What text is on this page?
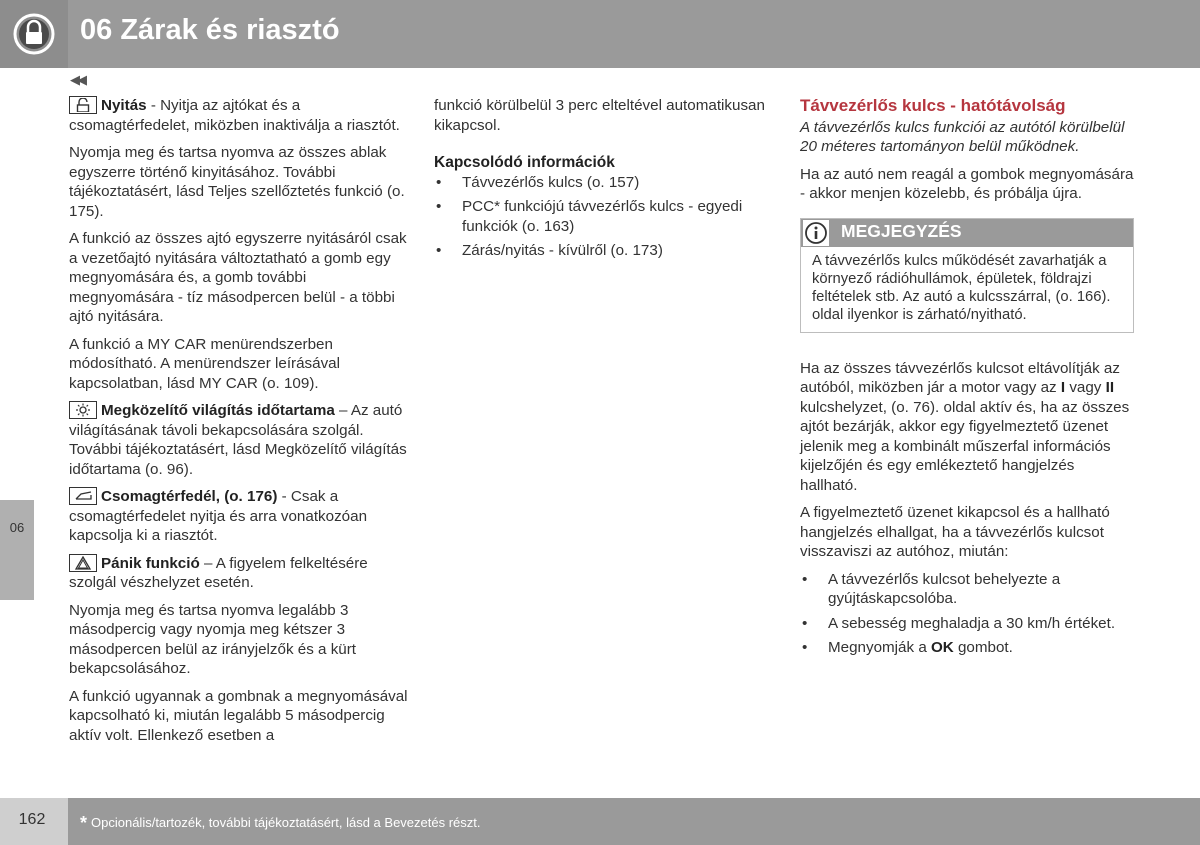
06 Zárak és riasztó
◀◀
06

Nyitás - Nyitja az ajtókat és a csomagtérfedelet, miközben inaktiválja a riasztót.

Nyomja meg és tartsa nyomva az összes ablak egyszerre történő kinyitásához. További tájékoztatásért, lásd Teljes szellőztetés funkció (o. 175).

A funkció az összes ajtó egyszerre nyitásáról csak a vezetőajtó nyitására változtatható a gomb egy megnyomására és, a gomb további megnyomására - tíz másodpercen belül - a többi ajtó nyitására.

A funkció a MY CAR menürendszerben módosítható. A menürendszer leírásával kapcsolatban, lásd MY CAR (o. 109).

Megközelítő világítás időtartama – Az autó világításának távoli bekapcsolására szolgál. További tájékoztatásért, lásd Megközelítő világítás időtartama (o. 96).

Csomagtérfedél, (o. 176) - Csak a csomagtérfedelet nyitja és arra vonatkozóan kapcsolja ki a riasztót.

Pánik funkció – A figyelem felkeltésére szolgál vészhelyzet esetén.

Nyomja meg és tartsa nyomva legalább 3 másodpercig vagy nyomja meg kétszer 3 másodpercen belül az irányjelzők és a kürt bekapcsolásához.

A funkció ugyannak a gombnak a megnyomásával kapcsolható ki, miután legalább 5 másodpercig aktív volt. Ellenkező esetben a

funkció körülbelül 3 perc elteltével automatikusan kikapcsol.

Kapcsolódó információk
• Távvezérlős kulcs (o. 157)
• PCC* funkciójú távvezérlős kulcs - egyedi funkciók (o. 163)
• Zárás/nyitás - kívülről (o. 173)
Távvezérlős kulcs - hatótávolság

A távvezérlős kulcs funkciói az autótól körülbelül 20 méteres tartományon belül működnek.

Ha az autó nem reagál a gombok megnyomására - akkor menjen közelebb, és próbálja újra.

MEGJEGYZÉS
A távvezérlős kulcs működését zavarhatják a környező rádióhullámok, épületek, földrajzi feltételek stb. Az autó a kulcsszárral, (o. 166). oldal ilyenkor is zárható/nyitható.

Ha az összes távvezérlős kulcsot eltávolítják az autóból, miközben jár a motor vagy az I vagy II kulcshelyzet, (o. 76). oldal aktív és, ha az összes ajtót bezárják, akkor egy figyelmeztető üzenet jelenik meg a kombinált műszerfal információs kijelzőjén és egy emlékeztető hangjelzés hallható.

A figyelmeztető üzenet kikapcsol és a hallható hangjelzés elhallgat, ha a távvezérlős kulcsot visszaviszi az autóhoz, miután:

• A távvezérlős kulcsot behelyezte a gyújtáskapcsolóba.
• A sebesség meghaladja a 30 km/h értéket.
• Megnyomják a OK gombot.
162	* Opcionális/tartozék, további tájékoztatásért, lásd a Bevezetés részt.
